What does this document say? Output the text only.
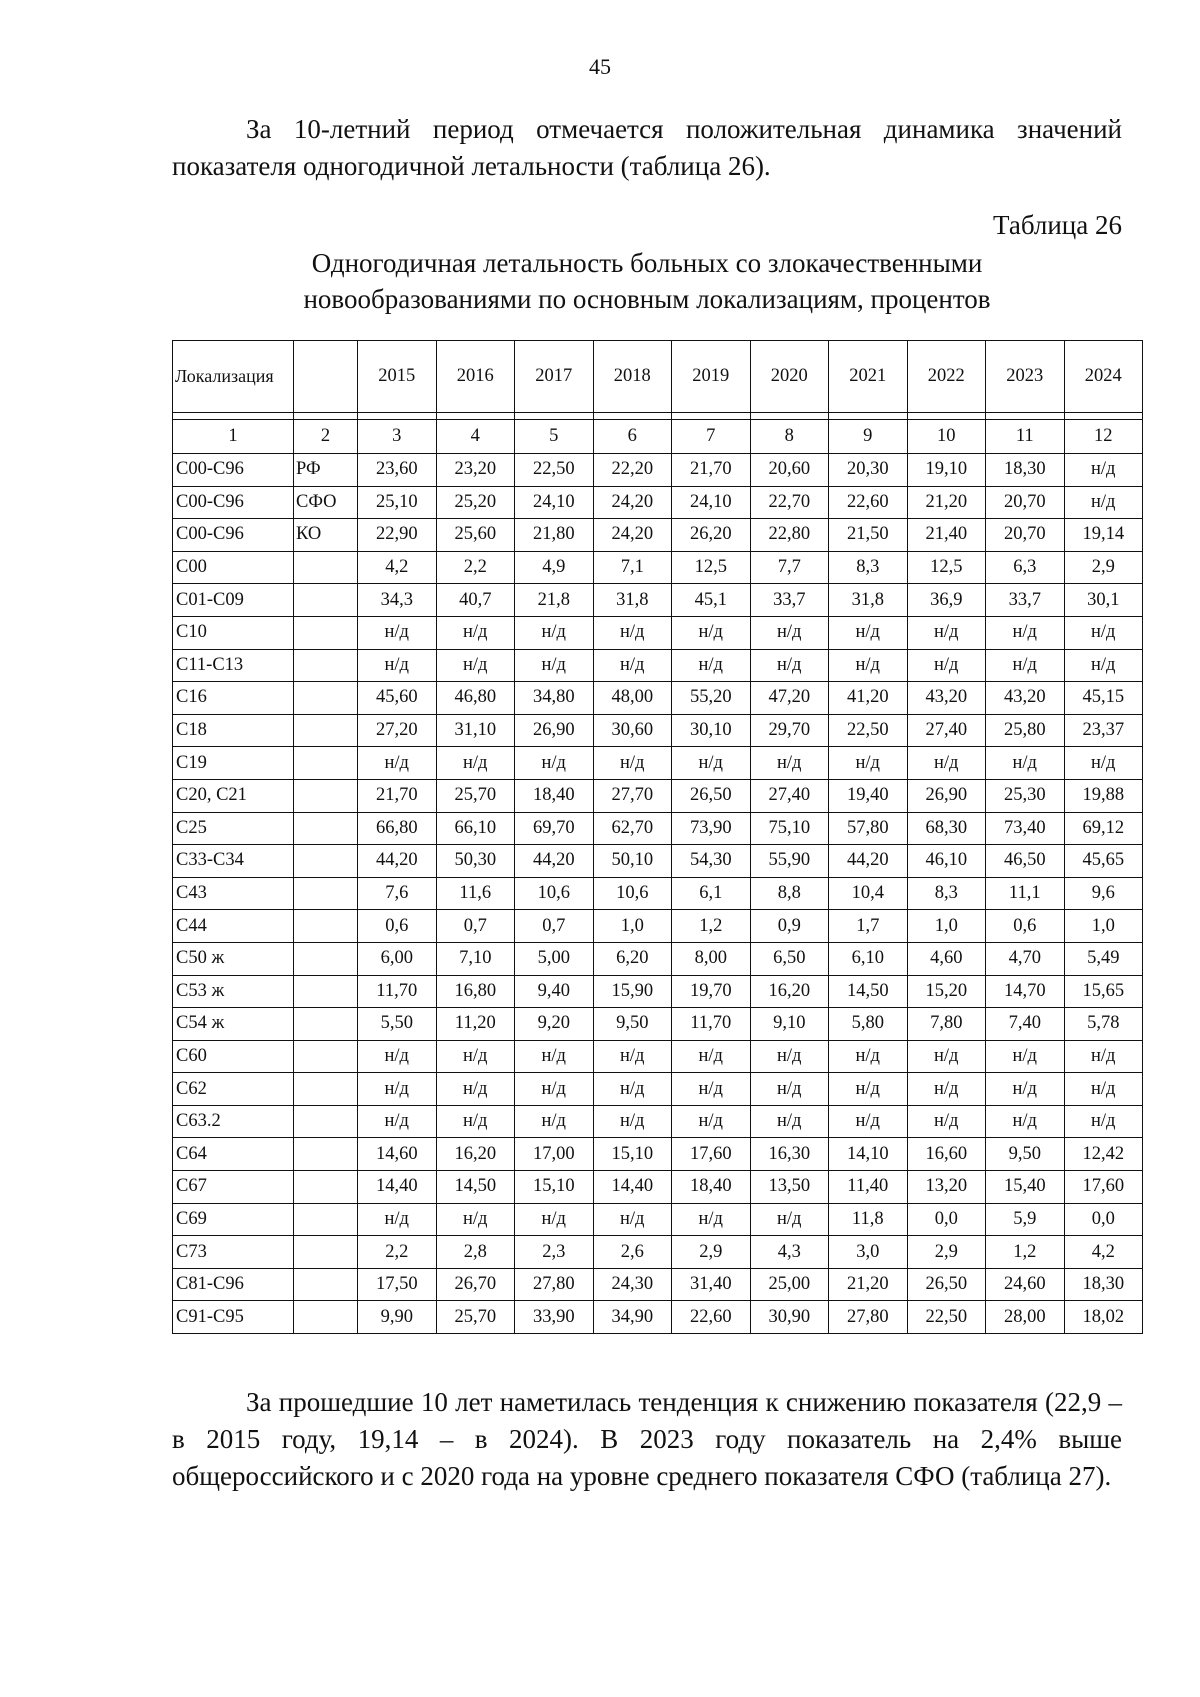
45

За 10-летний период отмечается положительная динамика значений показателя одногодичной летальности (таблица 26).

Таблица 26
Одногодичная летальность больных со злокачественными
новообразованиями по основным локализациям, процентов
Локализация		2015	2016	2017	2018	2019	2020	2021	2022	2023	2024

1	2	3	4	5	6	7	8	9	10	11	12
С00-С96	РФ	23,60	23,20	22,50	22,20	21,70	20,60	20,30	19,10	18,30	н/д
С00-С96	СФО	25,10	25,20	24,10	24,20	24,10	22,70	22,60	21,20	20,70	н/д
С00-С96	КО	22,90	25,60	21,80	24,20	26,20	22,80	21,50	21,40	20,70	19,14
С00		4,2	2,2	4,9	7,1	12,5	7,7	8,3	12,5	6,3	2,9
С01-С09		34,3	40,7	21,8	31,8	45,1	33,7	31,8	36,9	33,7	30,1
С10		н/д	н/д	н/д	н/д	н/д	н/д	н/д	н/д	н/д	н/д
С11-С13		н/д	н/д	н/д	н/д	н/д	н/д	н/д	н/д	н/д	н/д
С16		45,60	46,80	34,80	48,00	55,20	47,20	41,20	43,20	43,20	45,15
С18		27,20	31,10	26,90	30,60	30,10	29,70	22,50	27,40	25,80	23,37
С19		н/д	н/д	н/д	н/д	н/д	н/д	н/д	н/д	н/д	н/д
С20, С21		21,70	25,70	18,40	27,70	26,50	27,40	19,40	26,90	25,30	19,88
С25		66,80	66,10	69,70	62,70	73,90	75,10	57,80	68,30	73,40	69,12
С33-С34		44,20	50,30	44,20	50,10	54,30	55,90	44,20	46,10	46,50	45,65
С43		7,6	11,6	10,6	10,6	6,1	8,8	10,4	8,3	11,1	9,6
С44		0,6	0,7	0,7	1,0	1,2	0,9	1,7	1,0	0,6	1,0
С50 ж		6,00	7,10	5,00	6,20	8,00	6,50	6,10	4,60	4,70	5,49
С53 ж		11,70	16,80	9,40	15,90	19,70	16,20	14,50	15,20	14,70	15,65
С54 ж		5,50	11,20	9,20	9,50	11,70	9,10	5,80	7,80	7,40	5,78
С60		н/д	н/д	н/д	н/д	н/д	н/д	н/д	н/д	н/д	н/д
С62		н/д	н/д	н/д	н/д	н/д	н/д	н/д	н/д	н/д	н/д
С63.2		н/д	н/д	н/д	н/д	н/д	н/д	н/д	н/д	н/д	н/д
С64		14,60	16,20	17,00	15,10	17,60	16,30	14,10	16,60	9,50	12,42
С67		14,40	14,50	15,10	14,40	18,40	13,50	11,40	13,20	15,40	17,60
С69		н/д	н/д	н/д	н/д	н/д	н/д	11,8	0,0	5,9	0,0
С73		2,2	2,8	2,3	2,6	2,9	4,3	3,0	2,9	1,2	4,2
С81-С96		17,50	26,70	27,80	24,30	31,40	25,00	21,20	26,50	24,60	18,30
С91-С95		9,90	25,70	33,90	34,90	22,60	30,90	27,80	22,50	28,00	18,02

За прошедшие 10 лет наметилась тенденция к снижению показателя (22,9 – в 2015 году, 19,14 – в 2024). В 2023 году показатель на 2,4% выше общероссийского и с 2020 года на уровне среднего показателя СФО (таблица 27).
